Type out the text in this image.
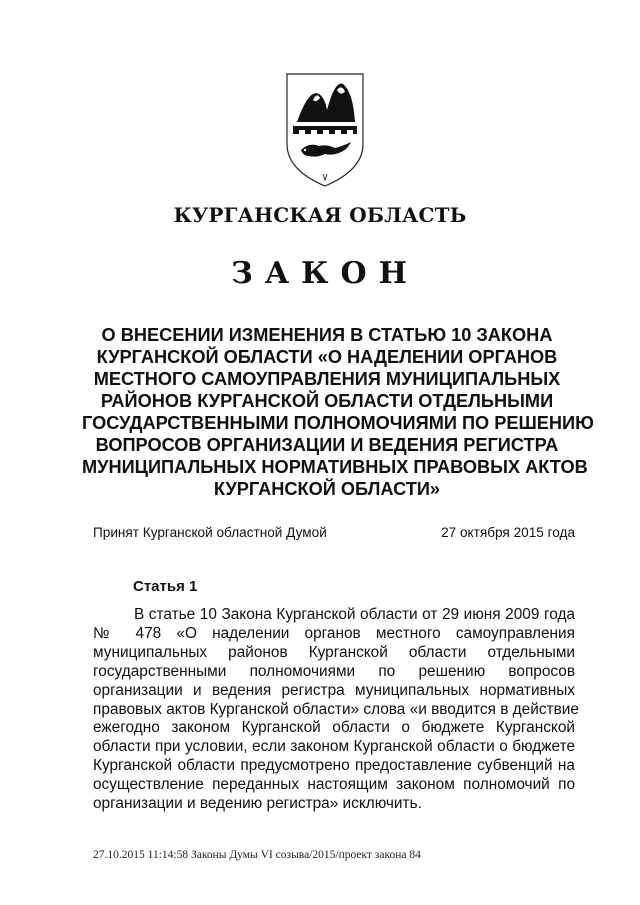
КУРГАНСКАЯ ОБЛАСТЬ
ЗАКОН
О ВНЕСЕНИИ ИЗМЕНЕНИЯ В СТАТЬЮ 10 ЗАКОНА
КУРГАНСКОЙ ОБЛАСТИ «О НАДЕЛЕНИИ ОРГАНОВ
МЕСТНОГО САМОУПРАВЛЕНИЯ МУНИЦИПАЛЬНЫХ
РАЙОНОВ КУРГАНСКОЙ ОБЛАСТИ ОТДЕЛЬНЫМИ
ГОСУДАРСТВЕННЫМИ ПОЛНОМОЧИЯМИ ПО РЕШЕНИЮ
ВОПРОСОВ ОРГАНИЗАЦИИ И ВЕДЕНИЯ РЕГИСТРА
МУНИЦИПАЛЬНЫХ НОРМАТИВНЫХ ПРАВОВЫХ АКТОВ
КУРГАНСКОЙ ОБЛАСТИ»
Принят Курганской областной Думой	27 октября 2015 года
Статья 1
В статье 10 Закона Курганской области от 29 июня 2009 года
№ 478 «О наделении органов местного самоуправления
муниципальных районов Курганской области отдельными
государственными полномочиями по решению вопросов
организации и ведения регистра муниципальных нормативных
правовых актов Курганской области» слова «и вводится в действие
ежегодно законом Курганской области о бюджете Курганской
области при условии, если законом Курганской области о бюджете
Курганской области предусмотрено предоставление субвенций на
осуществление переданных настоящим законом полномочий по
организации и ведению регистра» исключить.
27.10.2015 11:14:58 Законы Думы VI созыва/2015/проект закона 84
